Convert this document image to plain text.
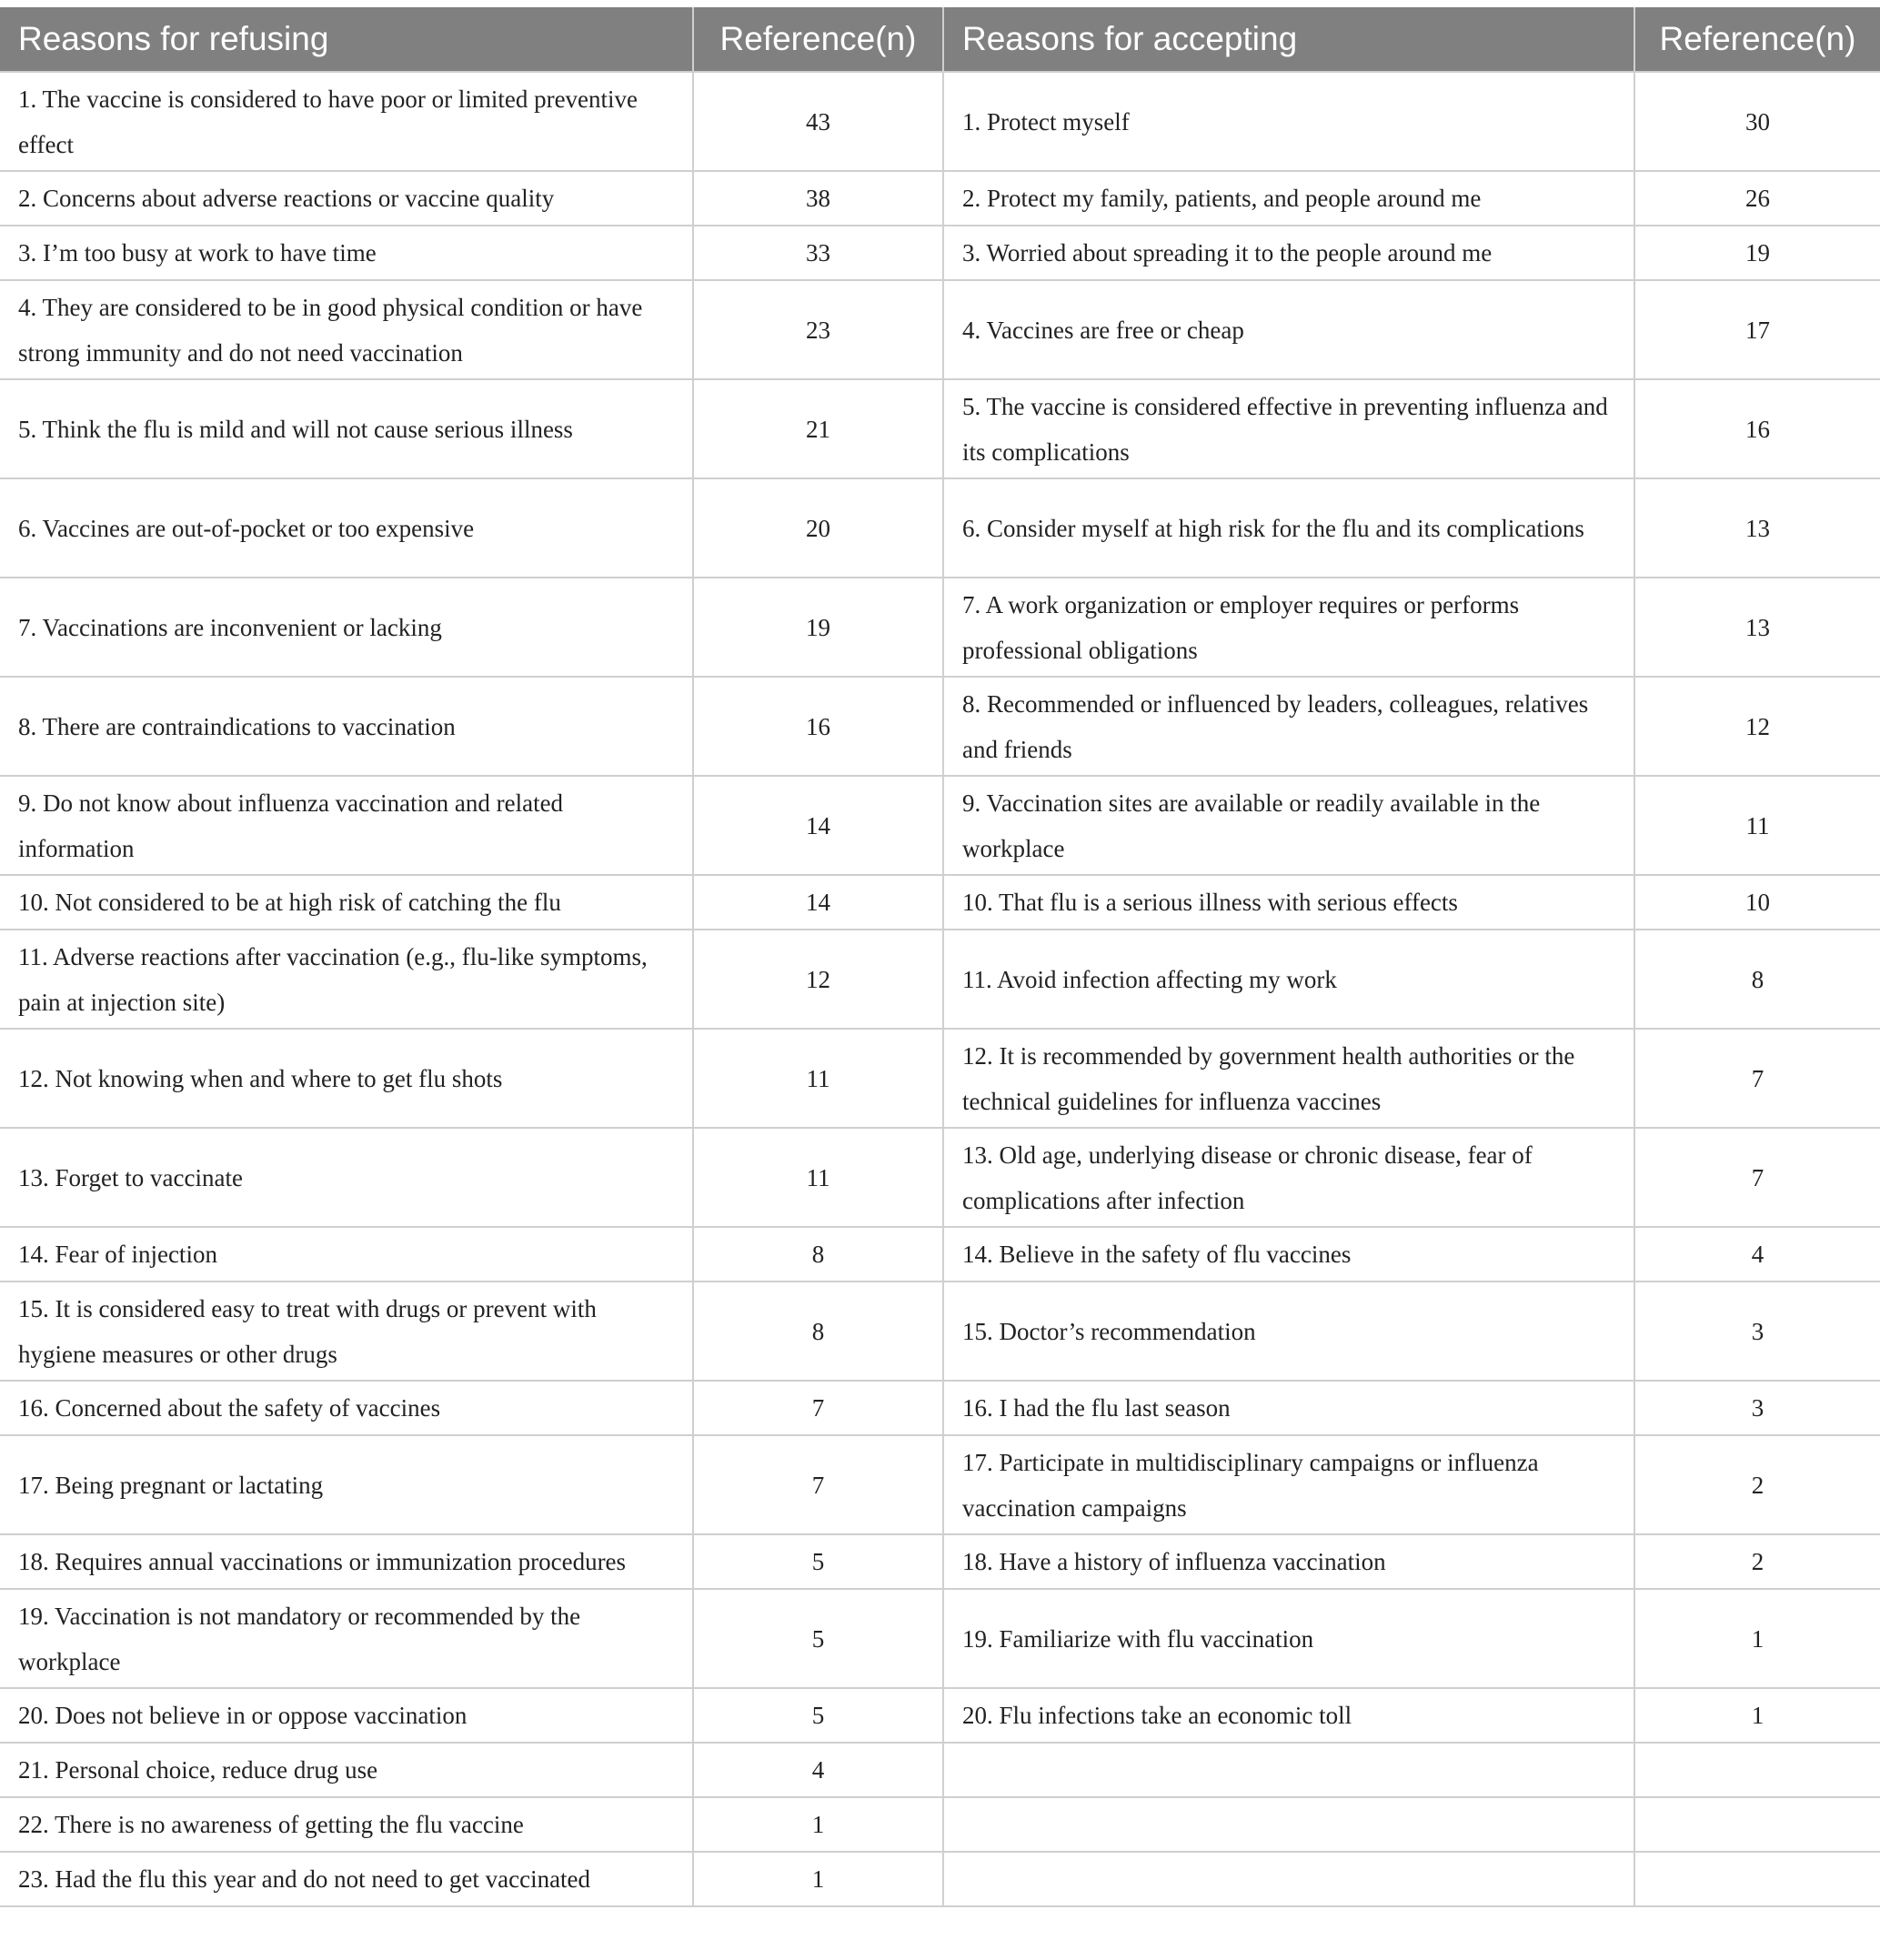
Reasons for refusing	Reference(n)	Reasons for accepting	Reference(n)
1. The vaccine is considered to have poor or limited preventive effect	43	1. Protect myself	30
2. Concerns about adverse reactions or vaccine quality	38	2. Protect my family, patients, and people around me	26
3. I’m too busy at work to have time	33	3. Worried about spreading it to the people around me	19
4. They are considered to be in good physical condition or have strong immunity and do not need vaccination	23	4. Vaccines are free or cheap	17
5. Think the flu is mild and will not cause serious illness	21	5. The vaccine is considered effective in preventing influenza and its complications	16
6. Vaccines are out-of-pocket or too expensive	20	6. Consider myself at high risk for the flu and its complications	13
7. Vaccinations are inconvenient or lacking	19	7. A work organization or employer requires or performs professional obligations	13
8. There are contraindications to vaccination	16	8. Recommended or influenced by leaders, colleagues, relatives and friends	12
9. Do not know about influenza vaccination and related information	14	9. Vaccination sites are available or readily available in the workplace	11
10. Not considered to be at high risk of catching the flu	14	10. That flu is a serious illness with serious effects	10
11. Adverse reactions after vaccination (e.g., flu-like symptoms, pain at injection site)	12	11. Avoid infection affecting my work	8
12. Not knowing when and where to get flu shots	11	12. It is recommended by government health authorities or the technical guidelines for influenza vaccines	7
13. Forget to vaccinate	11	13. Old age, underlying disease or chronic disease, fear of complications after infection	7
14. Fear of injection	8	14. Believe in the safety of flu vaccines	4
15. It is considered easy to treat with drugs or prevent with hygiene measures or other drugs	8	15. Doctor’s recommendation	3
16. Concerned about the safety of vaccines	7	16. I had the flu last season	3
17. Being pregnant or lactating	7	17. Participate in multidisciplinary campaigns or influenza vaccination campaigns	2
18. Requires annual vaccinations or immunization procedures	5	18. Have a history of influenza vaccination	2
19. Vaccination is not mandatory or recommended by the workplace	5	19. Familiarize with flu vaccination	1
20. Does not believe in or oppose vaccination	5	20. Flu infections take an economic toll	1
21. Personal choice, reduce drug use	4		
22. There is no awareness of getting the flu vaccine	1		
23. Had the flu this year and do not need to get vaccinated	1		
